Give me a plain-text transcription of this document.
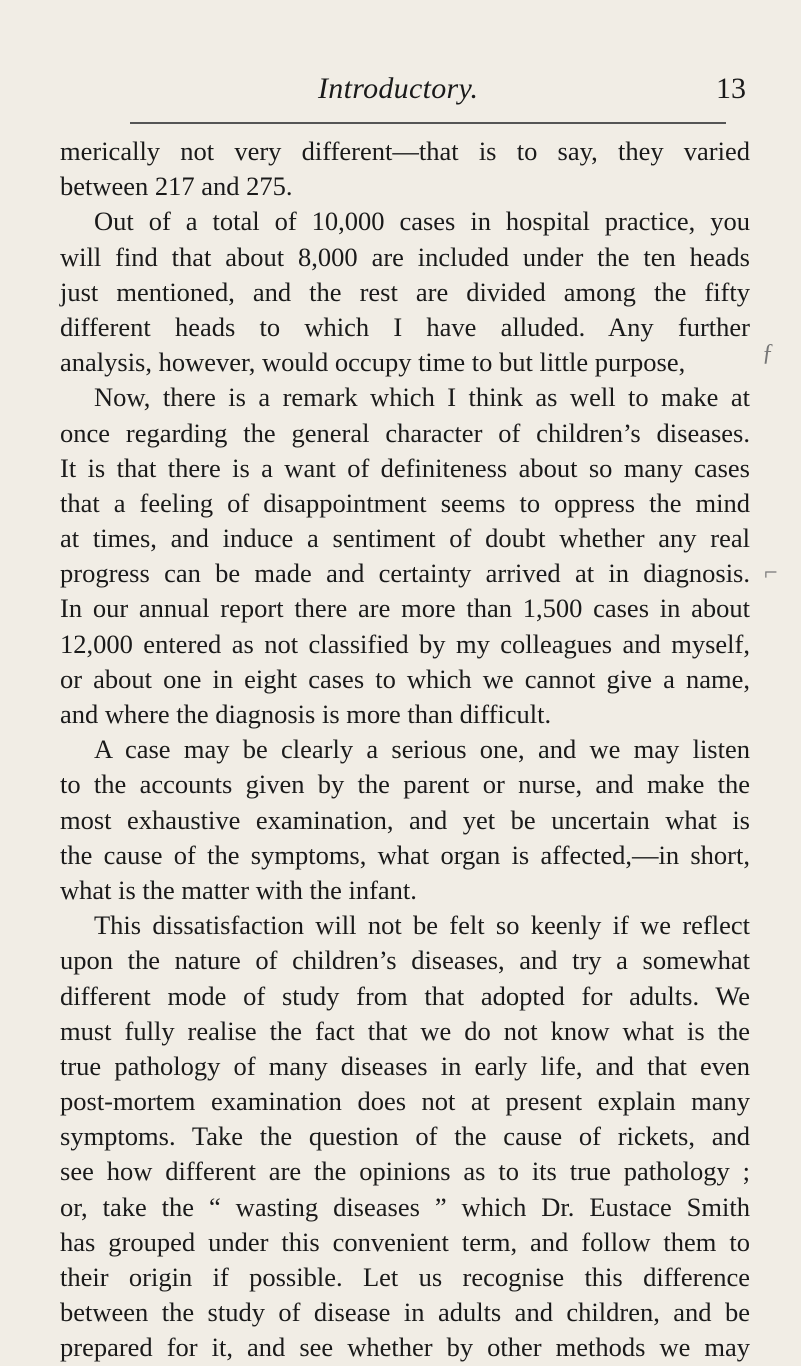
Introductory.	13
ƒ
⌐
merically not very different—that is to say, they varied
between 217 and 275.
Out of a total of 10,000 cases in hospital practice, you
will find that about 8,000 are included under the ten heads
just mentioned, and the rest are divided among the fifty
different heads to which I have alluded. Any further
analysis, however, would occupy time to but little purpose,
Now, there is a remark which I think as well to make at
once regarding the general character of children’s diseases.
It is that there is a want of definiteness about so many cases
that a feeling of disappointment seems to oppress the mind
at times, and induce a sentiment of doubt whether any real
progress can be made and certainty arrived at in diagnosis.
In our annual report there are more than 1,500 cases in about
12,000 entered as not classified by my colleagues and myself,
or about one in eight cases to which we cannot give a name,
and where the diagnosis is more than difficult.
A case may be clearly a serious one, and we may listen
to the accounts given by the parent or nurse, and make the
most exhaustive examination, and yet be uncertain what is
the cause of the symptoms, what organ is affected,—in short,
what is the matter with the infant.
This dissatisfaction will not be felt so keenly if we reflect
upon the nature of children’s diseases, and try a somewhat
different mode of study from that adopted for adults. We
must fully realise the fact that we do not know what is the
true pathology of many diseases in early life, and that even
post-mortem examination does not at present explain many
symptoms. Take the question of the cause of rickets, and
see how different are the opinions as to its true pathology ;
or, take the “ wasting diseases ” which Dr. Eustace Smith
has grouped under this convenient term, and follow them to
their origin if possible. Let us recognise this difference
between the study of disease in adults and children, and be
prepared for it, and see whether by other methods we may
